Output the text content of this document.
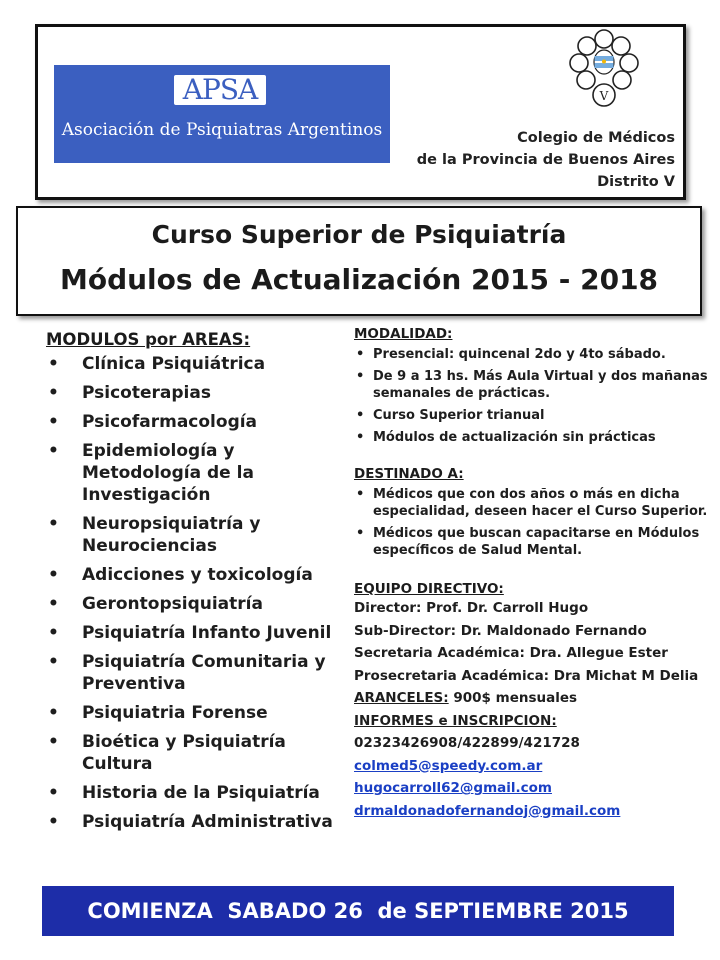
APSA
Asociación de Psiquiatras Argentinos
V
Colegio de Médicos
de la Provincia de Buenos Aires
Distrito V
Curso Superior de Psiquiatría
Módulos de Actualización 2015 - 2018
MODULOS por AREAS:
• Clínica Psiquiátrica
• Psicoterapias
• Psicofarmacología
• Epidemiología y Metodología de la Investigación
• Neuropsiquiatría y Neurociencias
• Adicciones y toxicología
• Gerontopsiquiatría
• Psiquiatría Infanto Juvenil
• Psiquiatría Comunitaria y Preventiva
• Psiquiatria Forense
• Bioética y Psiquiatría Cultura
• Historia de la Psiquiatría
• Psiquiatría Administrativa
MODALIDAD:
• Presencial: quincenal 2do y 4to sábado.
• De 9 a 13 hs. Más Aula Virtual y dos mañanas semanales de prácticas.
• Curso Superior trianual
• Módulos de actualización sin prácticas
DESTINADO A:
• Médicos que con dos años o más en dicha especialidad, deseen hacer el Curso Superior.
• Médicos que buscan capacitarse en Módulos específicos de Salud Mental.
EQUIPO DIRECTIVO:
Director: Prof. Dr. Carroll Hugo
Sub-Director: Dr. Maldonado Fernando
Secretaria Académica: Dra. Allegue Ester
Prosecretaria Académica: Dra Michat M Delia
ARANCELES: 900$ mensuales
INFORMES e INSCRIPCION:
02323426908/422899/421728
colmed5@speedy.com.ar
hugocarroll62@gmail.com
drmaldonadofernandoj@gmail.com
COMIENZA  SABADO 26  de SEPTIEMBRE 2015
